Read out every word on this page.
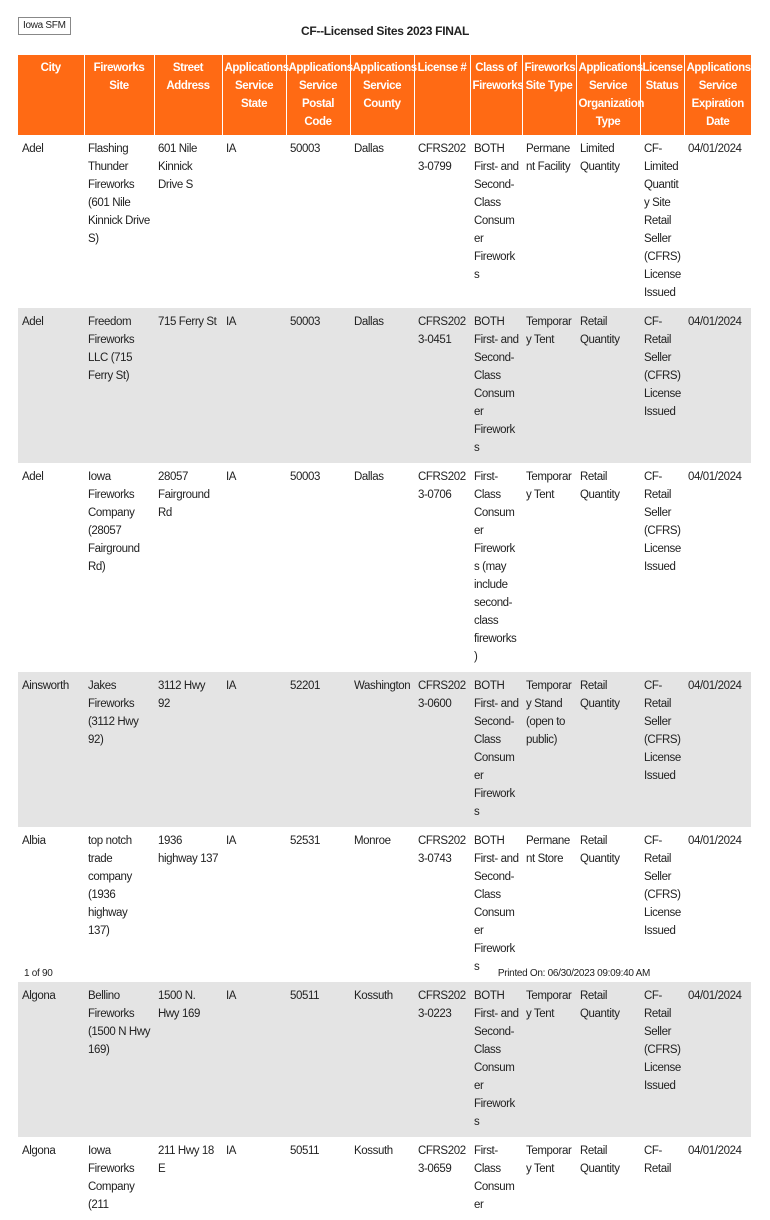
Iowa SFM	CF--Licensed Sites 2023 FINAL
City	Fireworks Site	Street Address	Applications Service State	Applications Service Postal Code	Applications Service County	License #	Class of Fireworks	Fireworks Site Type	Applications Service Organization Type	License Status	Applications Service Expiration Date
Adel	Flashing Thunder Fireworks (601 Nile Kinnick Drive S)	601 Nile Kinnick Drive S	IA	50003	Dallas	CFRS2023-0799	BOTH First- and Second-Class Consumer Fireworks	Permanent Facility	Limited Quantity	CF-Limited Quantity Site Retail Seller (CFRS) License Issued	04/01/2024
Adel	Freedom Fireworks LLC (715 Ferry St)	715 Ferry St	IA	50003	Dallas	CFRS2023-0451	BOTH First- and Second-Class Consumer Fireworks	Temporary Tent	Retail Quantity	CF-Retail Seller (CFRS) License Issued	04/01/2024
Adel	Iowa Fireworks Company (28057 Fairground Rd)	28057 Fairground Rd	IA	50003	Dallas	CFRS2023-0706	First-Class Consumer Fireworks (may include second-class fireworks)	Temporary Tent	Retail Quantity	CF-Retail Seller (CFRS) License Issued	04/01/2024
Ainsworth	Jakes Fireworks (3112 Hwy 92)	3112 Hwy 92	IA	52201	Washington	CFRS2023-0600	BOTH First- and Second-Class Consumer Fireworks	Temporary Stand (open to public)	Retail Quantity	CF-Retail Seller (CFRS) License Issued	04/01/2024
Albia	top notch trade company (1936 highway 137)	1936 highway 137	IA	52531	Monroe	CFRS2023-0743	BOTH First- and Second-Class Consumer Fireworks	Permanent Store	Retail Quantity	CF-Retail Seller (CFRS) License Issued	04/01/2024
Algona	Bellino Fireworks (1500 N Hwy 169)	1500 N. Hwy 169	IA	50511	Kossuth	CFRS2023-0223	BOTH First- and Second-Class Consumer Fireworks	Temporary Tent	Retail Quantity	CF-Retail Seller (CFRS) License Issued	04/01/2024
Algona	Iowa Fireworks Company (211	211 Hwy 18 E	IA	50511	Kossuth	CFRS2023-0659	First-Class Consumer	Temporary Tent	Retail Quantity	CF-Retail	04/01/2024
1 of 90	Printed On: 06/30/2023 09:09:40 AM
